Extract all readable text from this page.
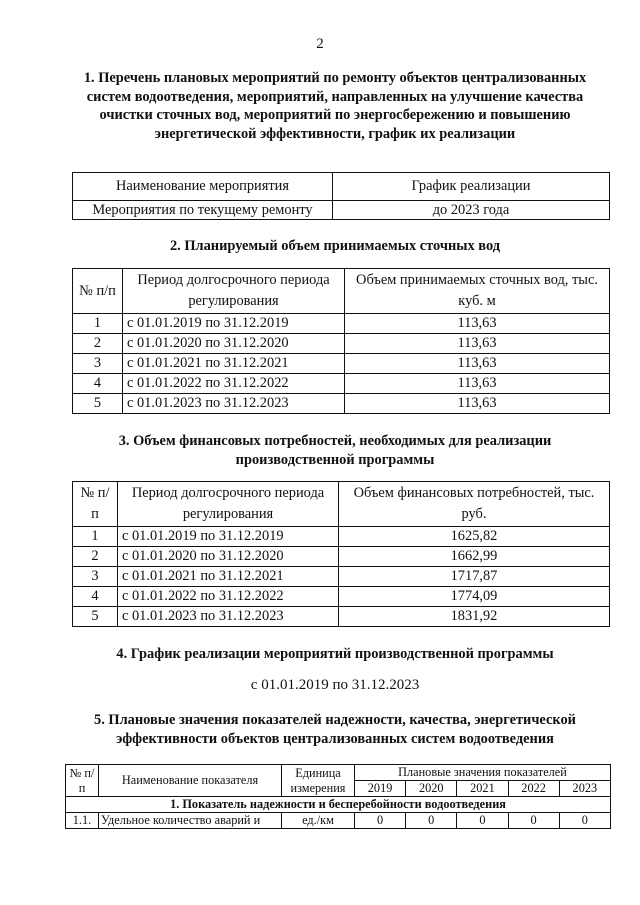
2
1. Перечень плановых мероприятий по ремонту объектов централизованных систем водоотведения, мероприятий, направленных на улучшение качества очистки сточных вод, мероприятий по энергосбережению и повышению энергетической эффективности, график их реализации
Наименование мероприятия	График реализации
Мероприятия по текущему ремонту	до 2023 года
2. Планируемый объем принимаемых сточных вод
№ п/п	Период долгосрочного периода регулирования	Объем принимаемых сточных вод, тыс. куб. м
1	с 01.01.2019 по 31.12.2019	113,63
2	с 01.01.2020 по 31.12.2020	113,63
3	с 01.01.2021 по 31.12.2021	113,63
4	с 01.01.2022 по 31.12.2022	113,63
5	с 01.01.2023 по 31.12.2023	113,63
3. Объем финансовых потребностей, необходимых для реализации производственной программы
№ п/п	Период долгосрочного периода регулирования	Объем финансовых потребностей, тыс. руб.
1	с 01.01.2019 по 31.12.2019	1625,82
2	с 01.01.2020 по 31.12.2020	1662,99
3	с 01.01.2021 по 31.12.2021	1717,87
4	с 01.01.2022 по 31.12.2022	1774,09
5	с 01.01.2023 по 31.12.2023	1831,92
4. График реализации мероприятий производственной программы
с 01.01.2019 по 31.12.2023
5. Плановые значения показателей надежности, качества, энергетической эффективности объектов централизованных систем водоотведения
№ п/п	Наименование показателя	Единица измерения	Плановые значения показателей				
			2019	2020	2021	2022	2023
1. Показатель надежности и бесперебойности водоотведения							
1.1.	Удельное количество аварий и	ед./км	0	0	0	0	0
